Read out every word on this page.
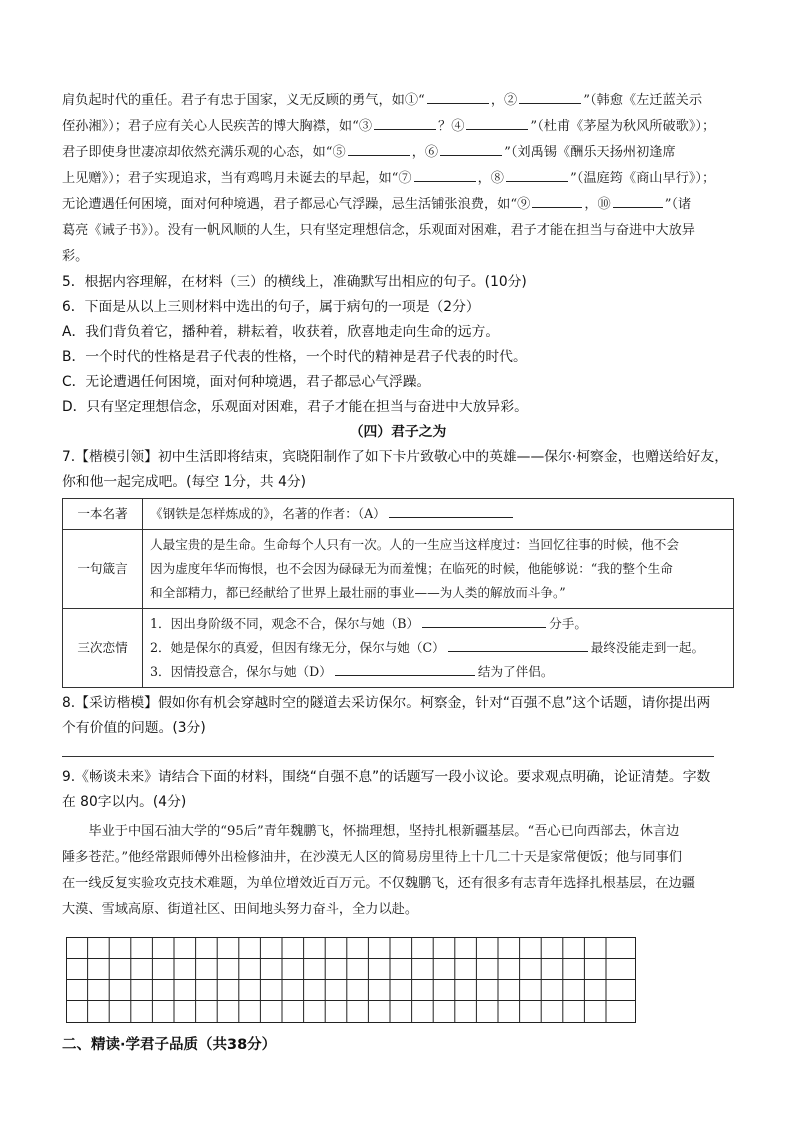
肩负起时代的重任。君子有忠于国家，义无反顾的勇气，如①“	，②	”（韩愈《左迁蓝关示
侄孙湘》）；君子应有关心人民疾苦的博大胸襟，如“③	？④	”（杜甫《茅屋为秋风所破歌》）；
君子即使身世凄凉却依然充满乐观的心态，如“⑤	，⑥	”（刘禹锡《酬乐天扬州初逢席
上见赠》）；君子实现追求，当有鸡鸣月未诞去的早起，如“⑦	，⑧	”（温庭筠《商山早行》）；
无论遭遇任何困境，面对何种境遇，君子都忌心气浮躁，忌生活铺张浪费，如“⑨	，⑩	”（诸
葛亮《诫子书》）。没有一帆风顺的人生，只有坚定理想信念，乐观面对困难，君子才能在担当与奋进中大放异
彩。
5．根据内容理解，在材料（三）的横线上，准确默写出相应的句子。(10分)
6．下面是从以上三则材料中选出的句子，属于病句的一项是（2分）
A．我们背负着它，播种着，耕耘着，收获着，欣喜地走向生命的远方。
B．一个时代的性格是君子代表的性格，一个时代的精神是君子代表的时代。
C．无论遭遇任何困境，面对何种境遇，君子都忌心气浮躁。
D．只有坚定理想信念，乐观面对困难，君子才能在担当与奋进中大放异彩。
（四）君子之为
7.【楷模引领】初中生活即将结束，宾晓阳制作了如下卡片致敬心中的英雄——保尔·柯察金，也赠送给好友，
你和他一起完成吧。(每空 1分，共 4分)
一本名著	《钢铁是怎样炼成的》，名著的作者：（A）
一句箴言	人最宝贵的是生命。生命每个人只有一次。人的一生应当这样度过：当回忆往事的时候，他不会
因为虚度年华而悔恨，也不会因为碌碌无为而羞愧；在临死的时候，他能够说：“我的整个生命
和全部精力，都已经献给了世界上最壮丽的事业——为人类的解放而斗争。”

三次恋情	1．因出身阶级不同，观念不合，保尔与她（B） 分手。
2．她是保尔的真爱，但因有缘无分，保尔与她（C） 最终没能走到一起。
3．因情投意合，保尔与她（D） 结为了伴侣。
8.【采访楷模】假如你有机会穿越时空的隧道去采访保尔。柯察金，针对“百强不息”这个话题，请你提出两
个有价值的问题。(3分)
9.《畅谈未来》请结合下面的材料，围绕“自强不息”的话题写一段小议论。要求观点明确，论证清楚。字数
在 80字以内。(4分)
毕业于中国石油大学的“95后”青年魏鹏飞，怀揣理想，坚持扎根新疆基层。“吾心已向西部去，休言边
陲多苍茫。”他经常跟师傅外出检修油井，在沙漠无人区的简易房里待上十几二十天是家常便饭；他与同事们
在一线反复实验攻克技术难题，为单位增效近百万元。不仅魏鹏飞，还有很多有志青年选择扎根基层，在边疆
大漠、雪域高原、街道社区、田间地头努力奋斗，全力以赴。
二、精读·学君子品质（共38分）
